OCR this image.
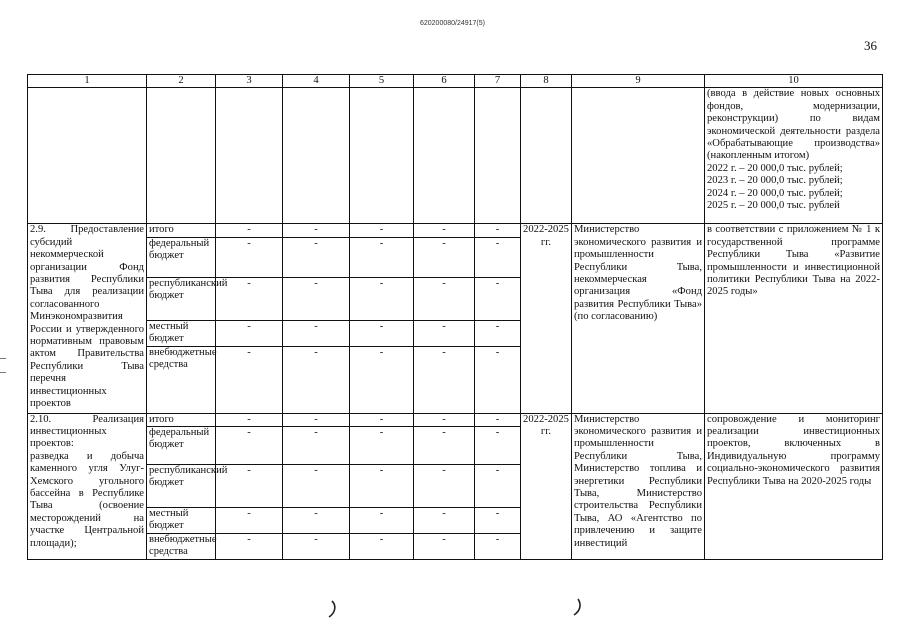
620200080/24917(5)
36
1	2	3	4	5	6	7	8	9	10
									(ввода в действие новых основных фондов, модернизации, реконструкции) по видам экономической деятельности раздела «Обрабатывающие производства» (накопленным итогом)
2022 г. – 20 000,0 тыс. рублей;
2023 г. – 20 000,0 тыс. рублей;
2024 г. – 20 000,0 тыс. рублей;
2025 г. – 20 000,0 тыс. рублей
2.9. Предоставление субсидий некоммерческой организации Фонд развития Республики Тыва для реализации согласованного Минэкономразвития России и утвержденного нормативным правовым актом Правительства Республики Тыва перечня инвестиционных проектов	итого	-	-	-	-	-	2022-2025 гг.	Министерство экономического развития и промышленности Республики Тыва, некоммерческая организация «Фонд развития Республики Тыва» (по согласованию)	в соответствии с приложением № 1 к государственной программе Республики Тыва «Развитие промышленности и инвестиционной политики Республики Тыва на 2022-2025 годы»
	федеральный бюджет	-	-	-	-	-			
	республиканский бюджет	-	-	-	-	-			
	местный бюджет	-	-	-	-	-			
	внебюджетные средства	-	-	-	-	-			
2.10. Реализация инвестиционных проектов:
разведка и добыча каменного угля Улуг-Хемского угольного бассейна в Республике Тыва (освоение месторождений на участке Центральной площади);	итого	-	-	-	-	-	2022-2025 гг.	Министерство экономического развития и промышленности Республики Тыва, Министерство топлива и энергетики Республики Тыва, Министерство строительства Республики Тыва, АО «Агентство по привлечению и защите инвестиций	сопровождение и мониторинг реализации инвестиционных проектов, включенных в Индивидуальную программу социально-экономического развития Республики Тыва на 2020-2025 годы
	федеральный бюджет	-	-	-	-	-			
	республиканский бюджет	-	-	-	-	-			
	местный бюджет	-	-	-	-	-			
	внебюджетные средства	-	-	-	-	-			
